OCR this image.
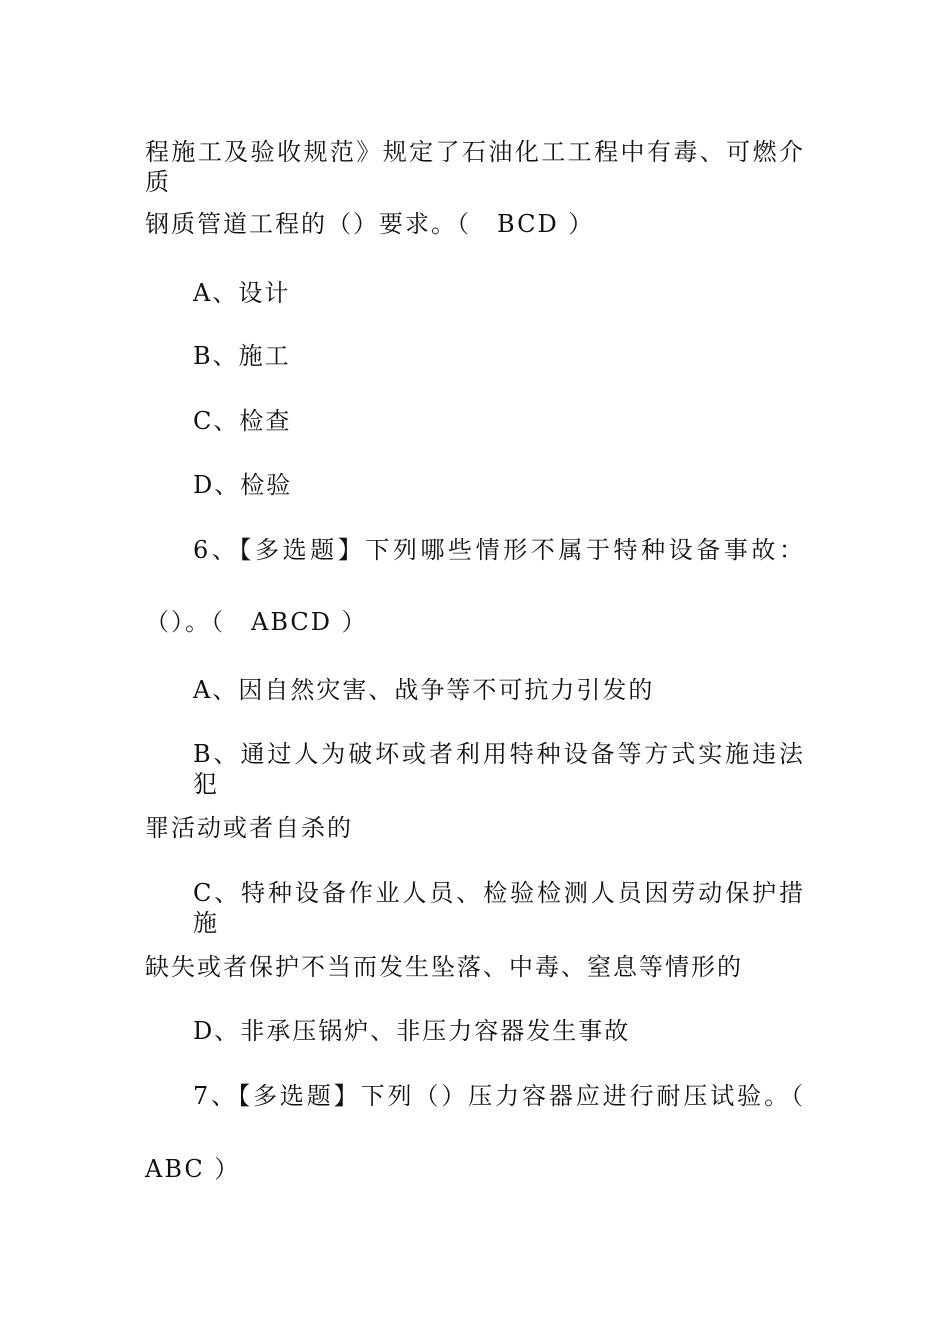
程施工及验收规范》规定了石油化工工程中有毒、可燃介质
钢质管道工程的（）要求。（　BCD ）
A、设计
B、施工
C、检查
D、检验
6、【多选题】下列哪些情形不属于特种设备事故：
（）。（　ABCD ）
A、因自然灾害、战争等不可抗力引发的
B、通过人为破坏或者利用特种设备等方式实施违法犯
罪活动或者自杀的
C、特种设备作业人员、检验检测人员因劳动保护措施
缺失或者保护不当而发生坠落、中毒、窒息等情形的
D、非承压锅炉、非压力容器发生事故
7、【多选题】下列（）压力容器应进行耐压试验。（
ABC ）
